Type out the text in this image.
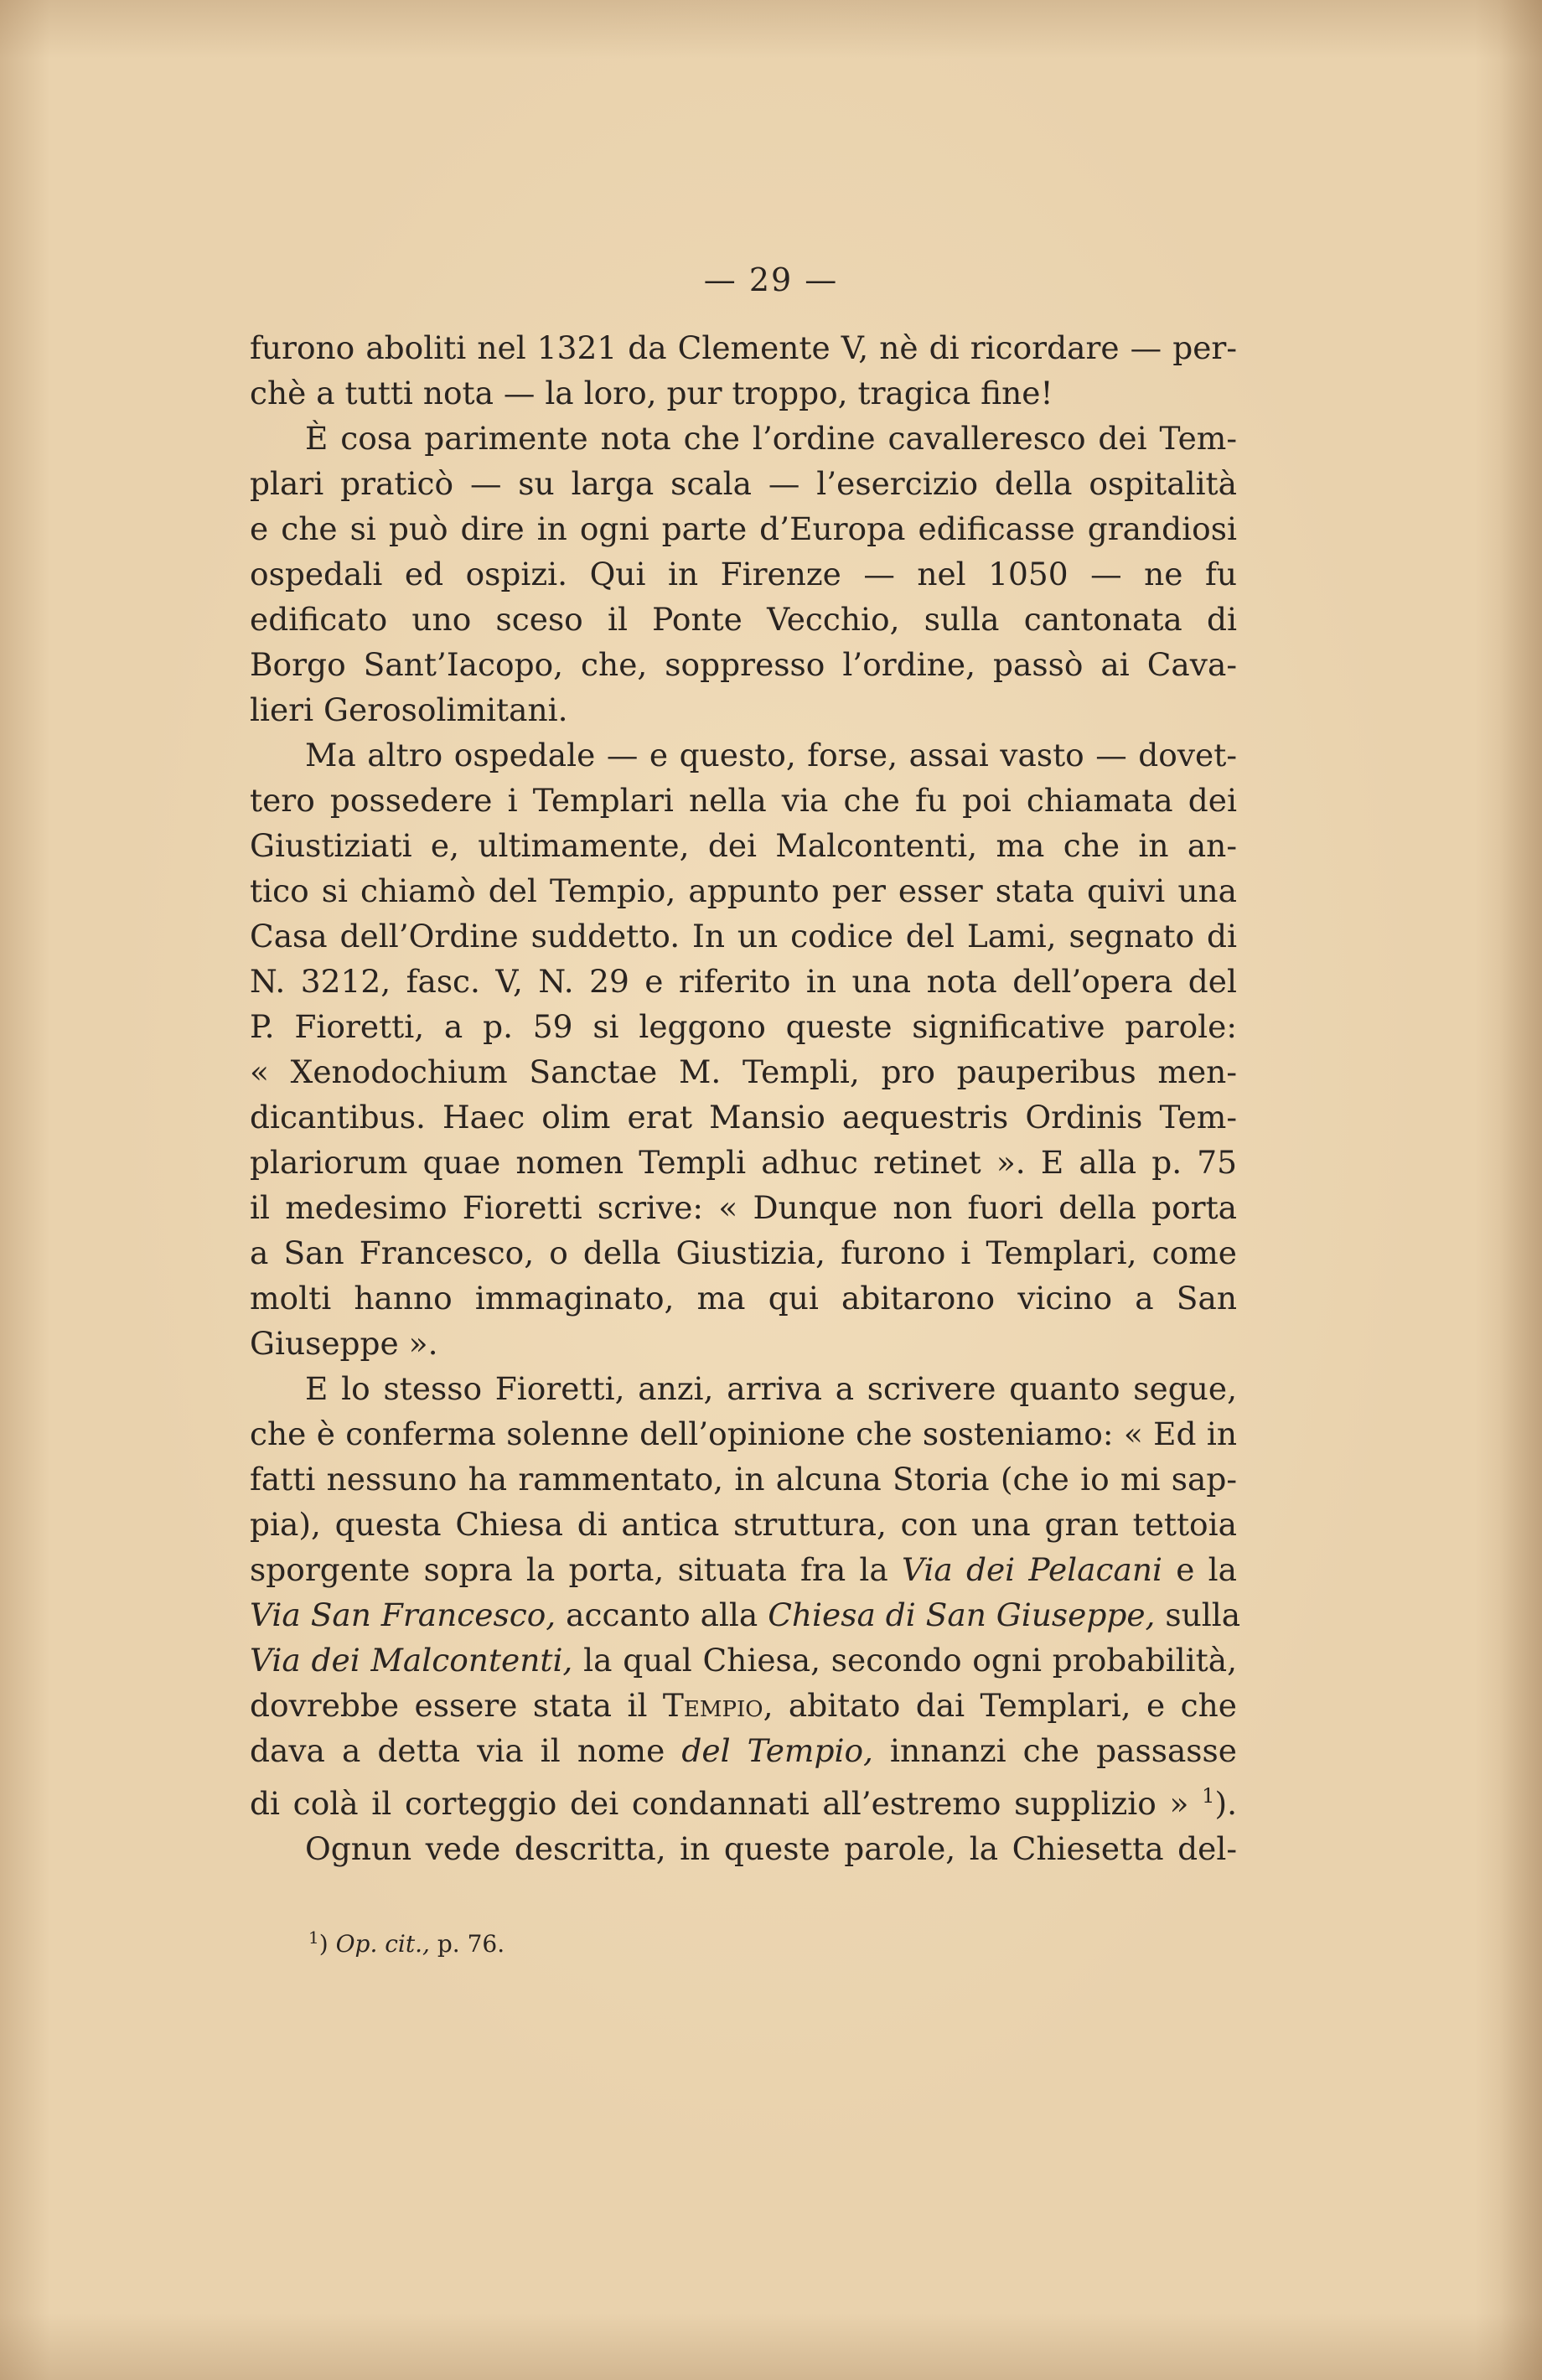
— 29 —
furono aboliti nel 1321 da Clemente V, nè di ricordare — per-
chè a tutti nota — la loro, pur troppo, tragica fine!
È cosa parimente nota che l’ordine cavalleresco dei Tem-
plari praticò — su larga scala — l’esercizio della ospitalità
e che si può dire in ogni parte d’Europa edificasse grandiosi
ospedali ed ospizi. Qui in Firenze — nel 1050 — ne fu
edificato uno sceso il Ponte Vecchio, sulla cantonata di
Borgo Sant’Iacopo, che, soppresso l’ordine, passò ai Cava-
lieri Gerosolimitani.
Ma altro ospedale — e questo, forse, assai vasto — dovet-
tero possedere i Templari nella via che fu poi chiamata dei
Giustiziati e, ultimamente, dei Malcontenti, ma che in an-
tico si chiamò del Tempio, appunto per esser stata quivi una
Casa dell’Ordine suddetto. In un codice del Lami, segnato di
N. 3212, fasc. V, N. 29 e riferito in una nota dell’opera del
P. Fioretti, a p. 59 si leggono queste significative parole:
« Xenodochium Sanctae M. Templi, pro pauperibus men-
dicantibus. Haec olim erat Mansio aequestris Ordinis Tem-
plariorum quae nomen Templi adhuc retinet ». E alla p. 75
il medesimo Fioretti scrive: « Dunque non fuori della porta
a San Francesco, o della Giustizia, furono i Templari, come
molti hanno immaginato, ma qui abitarono vicino a San
Giuseppe ».
E lo stesso Fioretti, anzi, arriva a scrivere quanto segue,
che è conferma solenne dell’opinione che sosteniamo: « Ed in
fatti nessuno ha rammentato, in alcuna Storia (che io mi sap-
pia), questa Chiesa di antica struttura, con una gran tettoia
sporgente sopra la porta, situata fra la Via dei Pelacani e la
Via San Francesco, accanto alla Chiesa di San Giuseppe, sulla
Via dei Malcontenti, la qual Chiesa, secondo ogni probabilità,
dovrebbe essere stata il Tempio, abitato dai Templari, e che
dava a detta via il nome del Tempio, innanzi che passasse
di colà il corteggio dei condannati all’estremo supplizio » $^1$).
Ognun vede descritta, in queste parole, la Chiesetta del-
$^1$) Op. cit., p. 76.
